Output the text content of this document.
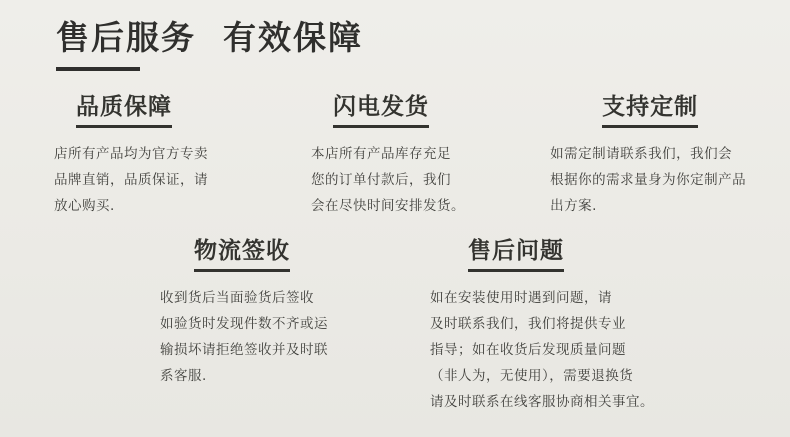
售后服务  有效保障
品质保障
店所有产品均为官方专卖
品牌直销，品质保证，请
放心购买.
闪电发货
本店所有产品库存充足
您的订单付款后，我们
会在尽快时间安排发货。
支持定制
如需定制请联系我们，我们会
根据你的需求量身为你定制产品
出方案.
物流签收
收到货后当面验货后签收
如验货时发现件数不齐或运
输损坏请拒绝签收并及时联
系客服.
售后问题
如在安装使用时遇到问题，请
及时联系我们，我们将提供专业
指导；如在收货后发现质量问题
（非人为，无使用），需要退换货
请及时联系在线客服协商相关事宜。
